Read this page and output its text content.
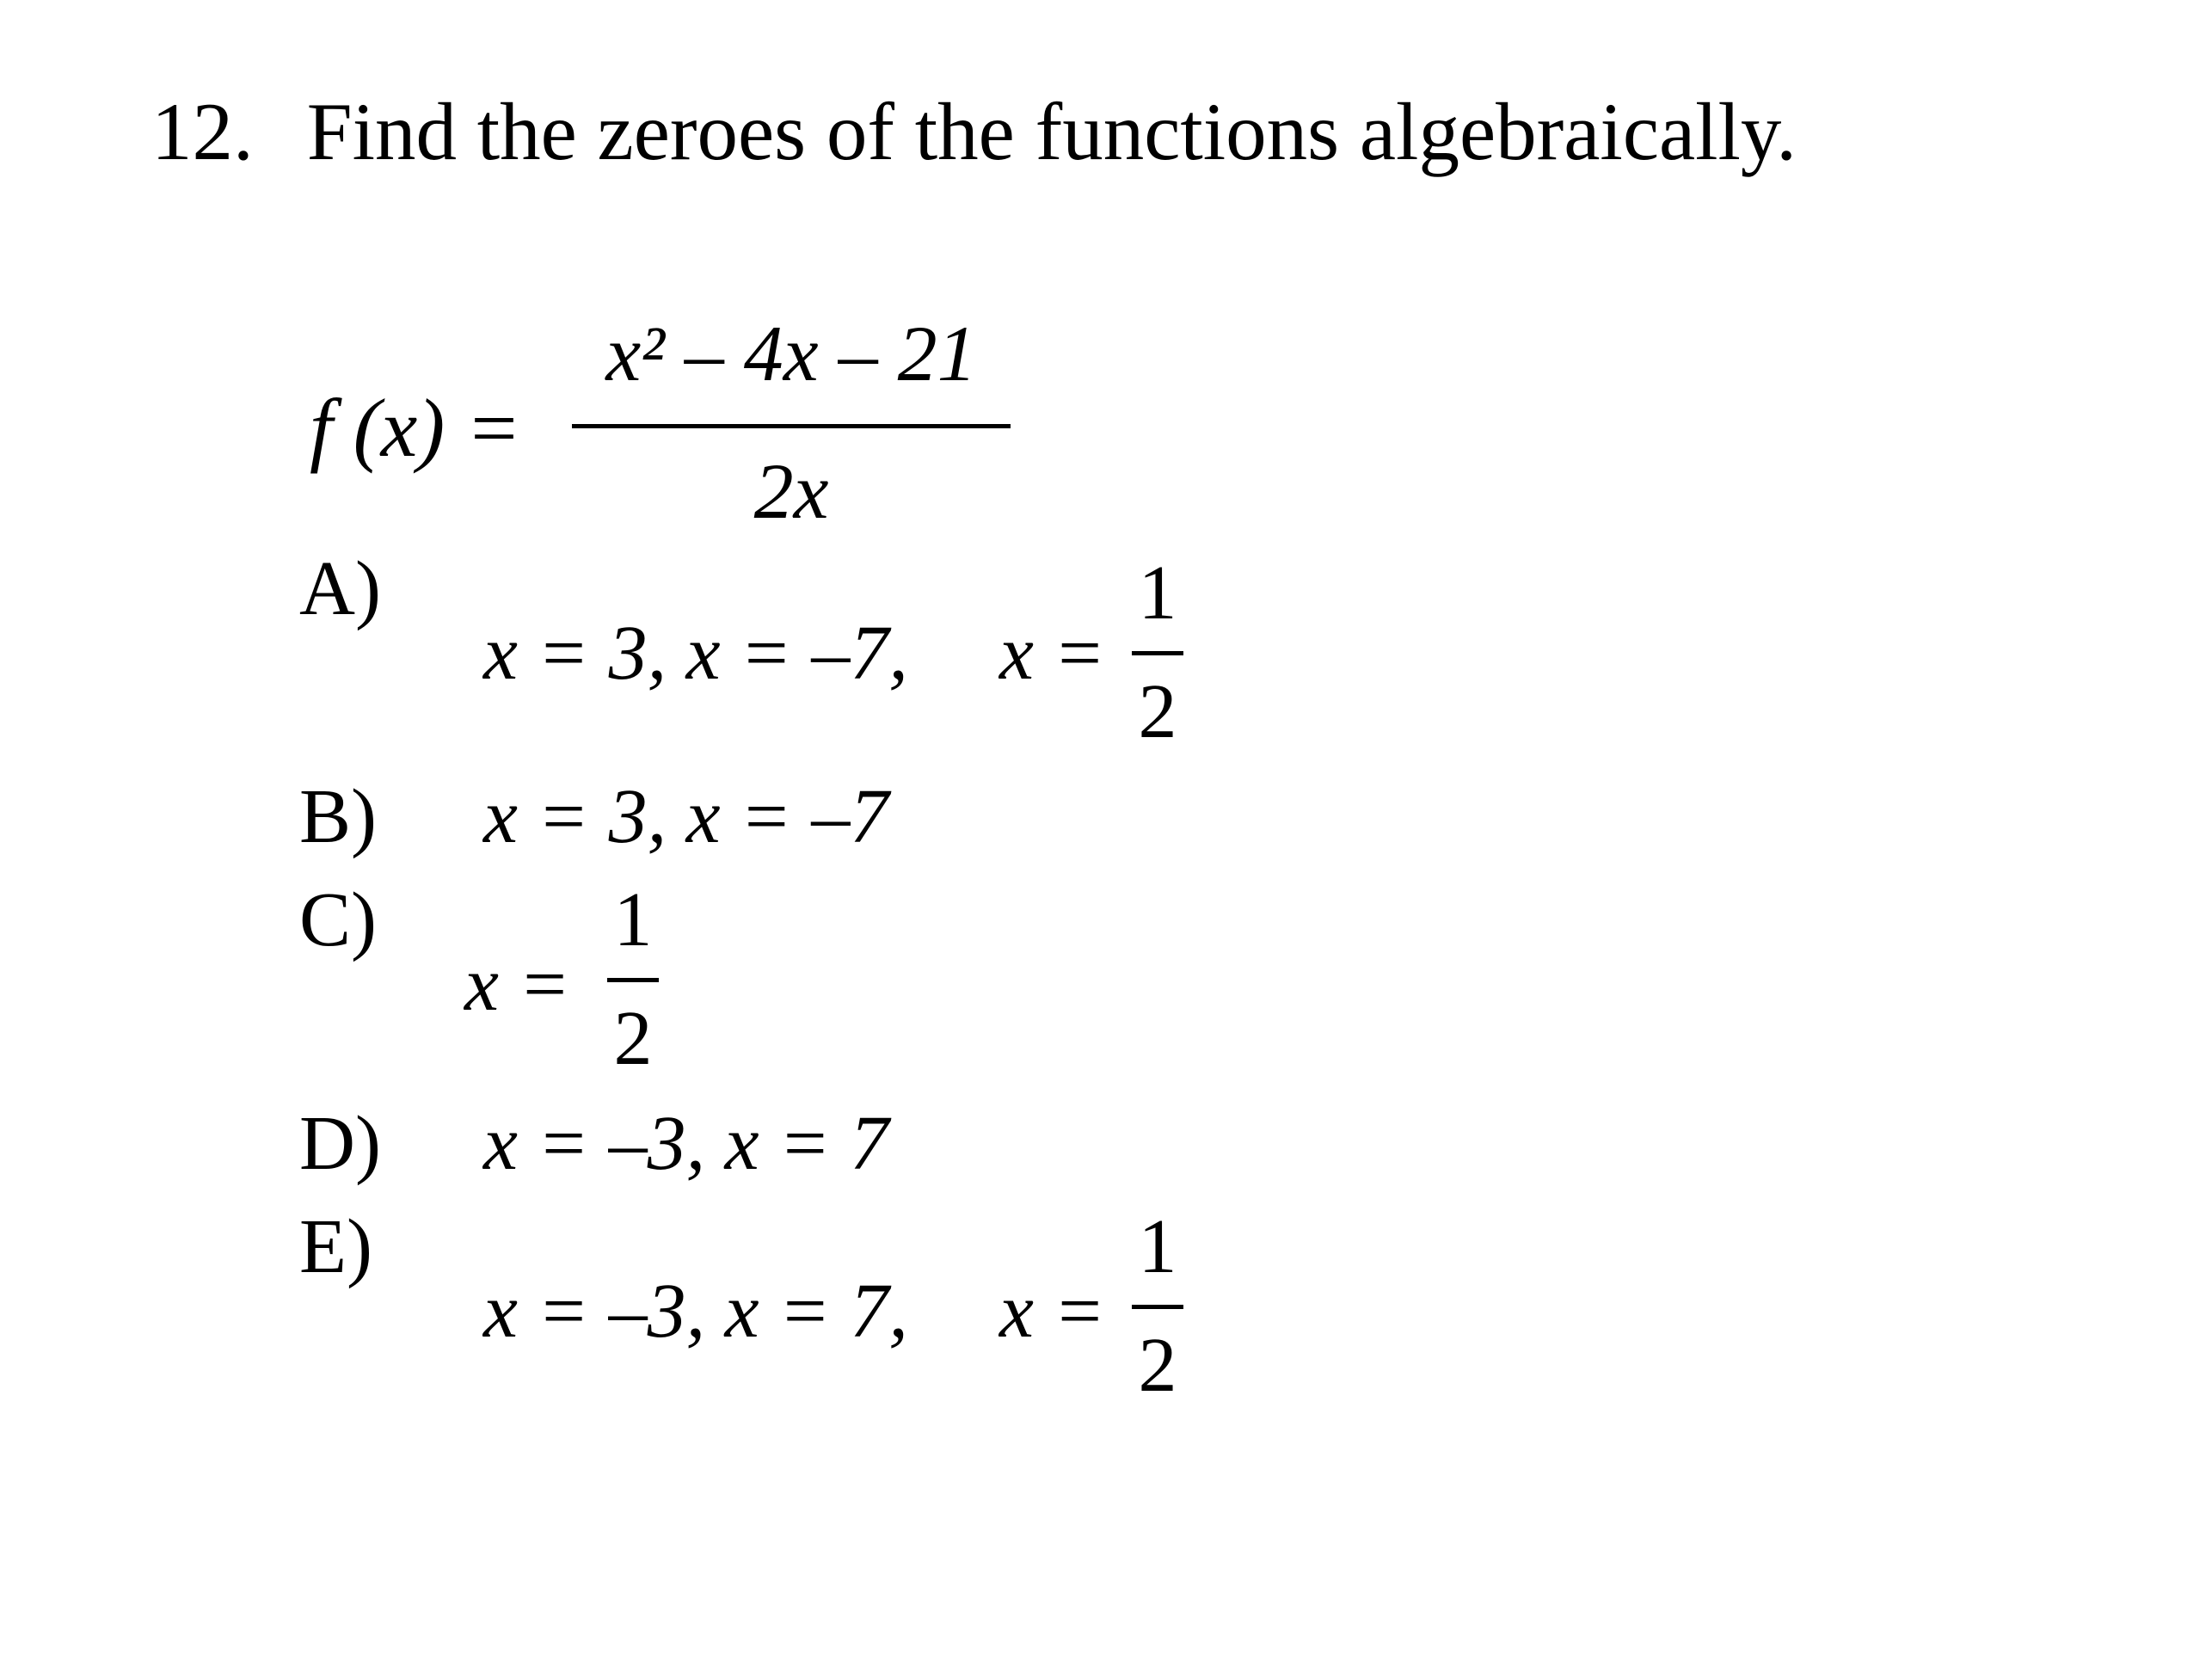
12. Find the zeroes of the functions algebraically.
f (x) =
x² – 4x – 21
2x
A)
x = 3, x = –7, x =
1
2
B) x = 3, x = –7
C)
x =
1
2
D) x = –3, x = 7
E)
x = –3, x = 7, x =
1
2
